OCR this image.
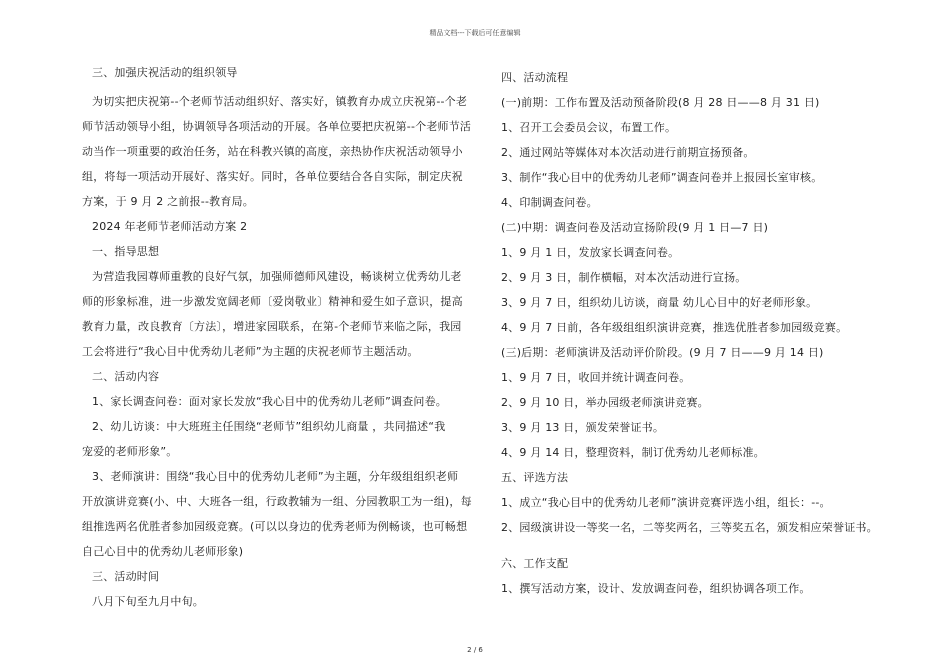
精品文档---下载后可任意编辑
三、加强庆祝活动的组织领导
为切实把庆祝第--个老师节活动组织好、落实好，镇教育办成立庆祝第--个老
师节活动领导小组，协调领导各项活动的开展。各单位要把庆祝第--个老师节活
动当作一项重要的政治任务，站在科教兴镇的高度，亲热协作庆祝活动领导小
组，将每一项活动开展好、落实好。同时，各单位要结合各自实际，制定庆祝
方案，于 9 月 2 之前报--教育局。
2024 年老师节老师活动方案 2
一、指导思想
为营造我园尊师重教的良好气氛，加强师德师风建设，畅谈树立优秀幼儿老
师的形象标准，进一步激发宽阔老师〔爱岗敬业〕精神和爱生如子意识，提高
教育力量，改良教育〔方法〕，增进家园联系，在第-个老师节来临之际，我园
工会将进行“我心目中优秀幼儿老师”为主题的庆祝老师节主题活动。
二、活动内容
1、家长调查问卷：面对家长发放“我心目中的优秀幼儿老师”调查问卷。
2、幼儿访谈：中大班班主任围绕“老师节”组织幼儿商量 ，共同描述“我
宠爱的老师形象”。
3、老师演讲：围绕“我心目中的优秀幼儿老师”为主题，分年级组组织老师
开放演讲竞赛(小、中、大班各一组，行政教辅为一组、分园教职工为一组)，每
组推选两名优胜者参加园级竞赛。(可以以身边的优秀老师为例畅谈，也可畅想
自己心目中的优秀幼儿老师形象)
三、活动时间
八月下旬至九月中旬。
四、活动流程
(一)前期：工作布置及活动预备阶段(8 月 28 日——8 月 31 日)
1、召开工会委员会议，布置工作。
2、通过网站等媒体对本次活动进行前期宣扬预备。
3、制作“我心目中的优秀幼儿老师”调查问卷并上报园长室审核。
4、印制调查问卷。
(二)中期：调查问卷及活动宣扬阶段(9 月 1 日—7 日)
1、9 月 1 日，发放家长调查问卷。
2、9 月 3 日，制作横幅，对本次活动进行宣扬。
3、9 月 7 日，组织幼儿访谈，商量 幼儿心目中的好老师形象。
4、9 月 7 日前，各年级组组织演讲竞赛，推选优胜者参加园级竞赛。
(三)后期：老师演讲及活动评价阶段。(9 月 7 日——9 月 14 日)
1、9 月 7 日，收回并统计调查问卷。
2、9 月 10 日，举办园级老师演讲竞赛。
3、9 月 13 日，颁发荣誉证书。
4、9 月 14 日，整理资料，制订优秀幼儿老师标准。
五、评选方法
1、成立“我心目中的优秀幼儿老师”演讲竞赛评选小组，组长：--。
2、园级演讲设一等奖一名，二等奖两名，三等奖五名，颁发相应荣誉证书。
六、工作支配
1、撰写活动方案，设计、发放调查问卷，组织协调各项工作。
2 / 6
